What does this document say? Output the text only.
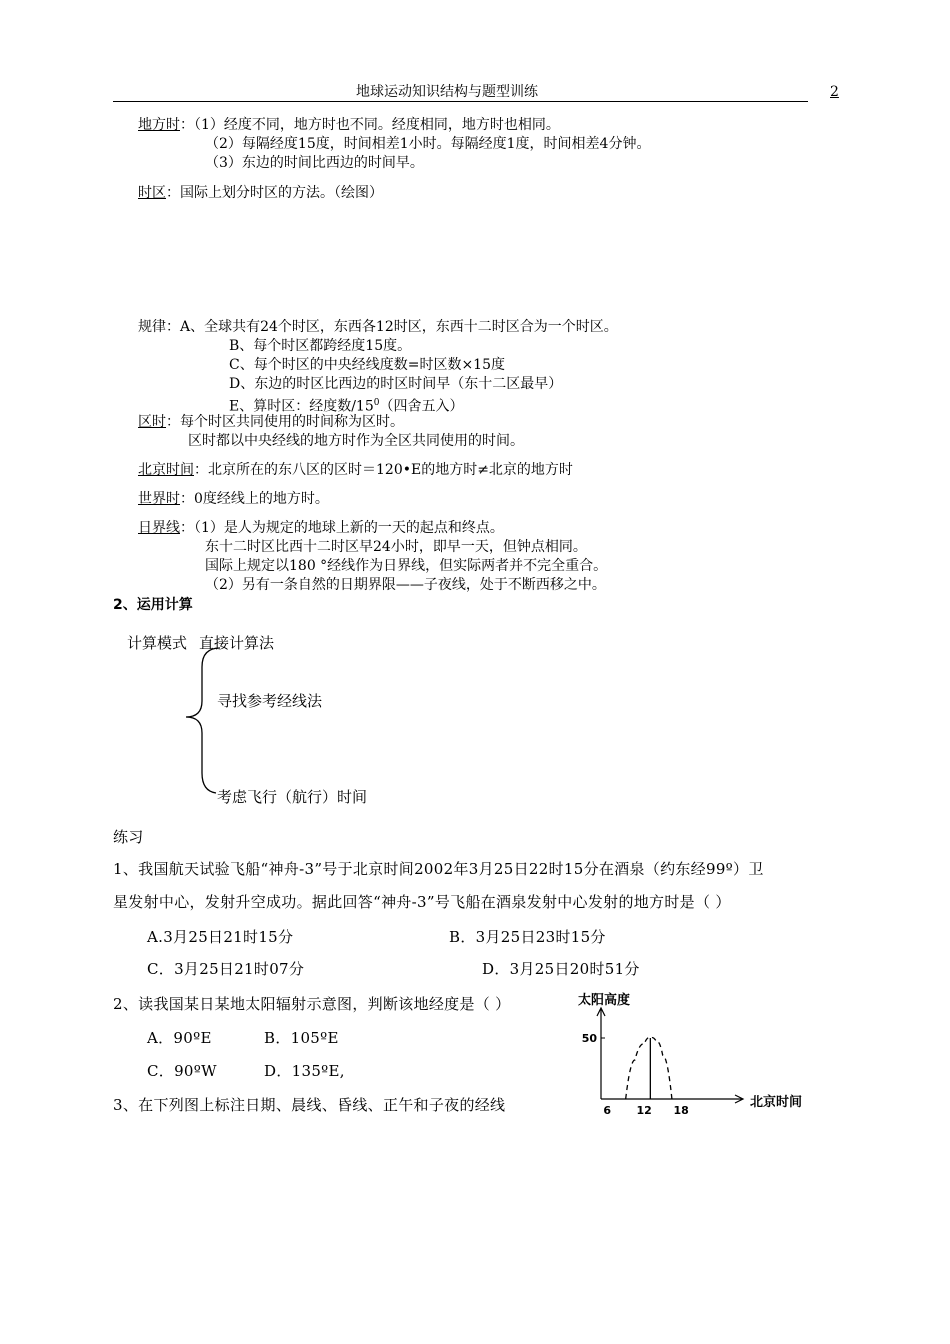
地球运动知识结构与题型训练	2
地方时：（1）经度不同，地方时也不同。经度相同，地方时也相同。
（2）每隔经度15度，时间相差1小时。每隔经度1度，时间相差4分钟。
（3）东边的时间比西边的时间早。
时区：国际上划分时区的方法。（绘图）
规律：A、全球共有24个时区，东西各12时区，东西十二时区合为一个时区。
B、每个时区都跨经度15度。
C、每个时区的中央经线度数=时区数×15度
D、东边的时区比西边的时区时间早（东十二区最早）
E、算时区：经度数$/15^0$（四舍五入）
区时：每个时区共同使用的时间称为区时。
区时都以中央经线的地方时作为全区共同使用的时间。
北京时间：北京所在的东八区的区时＝120•E的地方时≠北京的地方时
世界时：0度经线上的地方时。
日界线：（1）是人为规定的地球上新的一天的起点和终点。
东十二时区比西十二时区早24小时，即早一天，但钟点相同。
国际上规定以180 °经线作为日界线，但实际两者并不完全重合。
（2）另有一条自然的日期界限——子夜线，处于不断西移之中。
2、运用计算
计算模式 直接计算法
寻找参考经线法
考虑飞行（航行）时间
练习
1、我国航天试验飞船“神舟-3”号于北京时间2002年3月25日22时15分在酒泉（约东经99º）卫
星发射中心，发射升空成功。据此回答“神舟-3”号飞船在酒泉发射中心发射的地方时是（ ）
A.3月25日21时15分	B．3月25日23时15分
C．3月25日21时07分	D．3月25日20时51分
2、读我国某日某地太阳辐射示意图，判断该地经度是（ ）
A．90ºE	B．105ºE
C．90ºW	D．135ºE,
3、在下列图上标注日期、晨线、昏线、正午和子夜的经线
太阳高度
北京时间
6 12 18
50
